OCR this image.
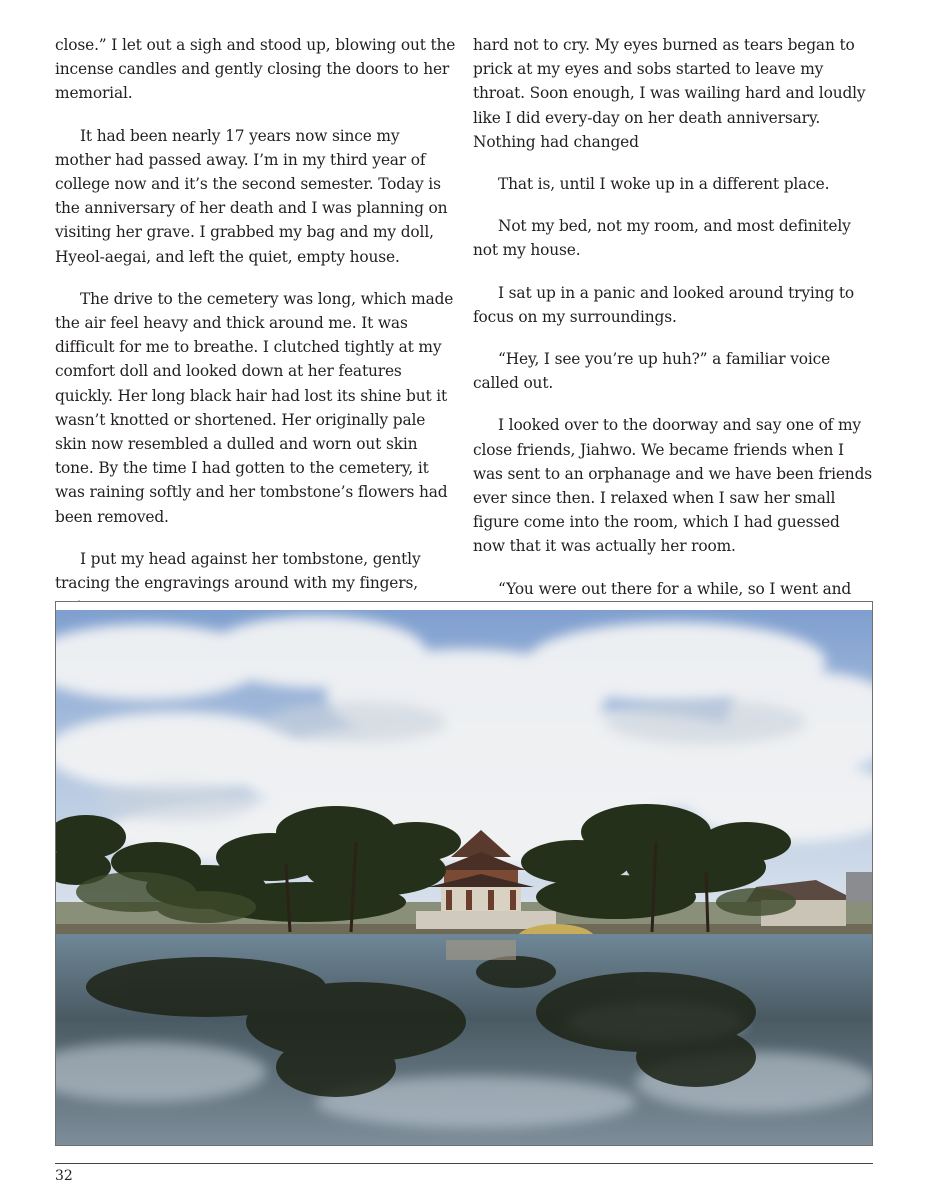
close.” I let out a sigh and stood up, blowing out the incense candles and gently closing the doors to her memorial.

It had been nearly 17 years now since my mother had passed away. I’m in my third year of college now and it’s the second semester. Today is the anniversary of her death and I was planning on visiting her grave. I grabbed my bag and my doll, Hyeol-aegai, and left the quiet, empty house.

The drive to the cemetery was long, which made the air feel heavy and thick around me. It was difficult for me to breathe. I clutched tightly at my comfort doll and looked down at her features quickly. Her long black hair had lost its shine but it wasn’t knotted or shortened. Her originally pale skin now resembled a dulled and worn out skin tone. By the time I had gotten to the cemetery, it was raining softly and her tombstone’s flowers had been removed.

I put my head against her tombstone, gently tracing the engravings around with my fingers,

hard not to cry. My eyes burned as tears began to prick at my eyes and sobs started to leave my throat. Soon enough, I was wailing hard and loudly like I did every-day on her death anniversary. Nothing had changed

That is, until I woke up in a different place.

Not my bed, not my room, and most definitely not my house.

I sat up in a panic and looked around trying to focus on my surroundings.

“Hey, I see you’re up huh?” a familiar voice called out.

I looked over to the doorway and say one of my close friends, Jiahwo. We became friends when I was sent to an orphanage and we have been friends ever since then. I relaxed when I saw her small figure come into the room, which I had guessed now that it was actually her room.

“You were out there for a while, so I went and

32
